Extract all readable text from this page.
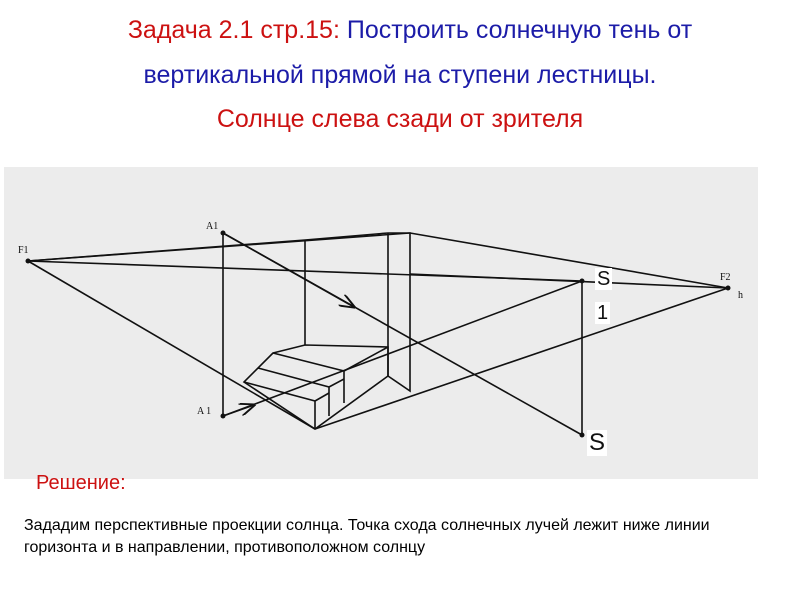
Задача 2.1 стр.15: Построить солнечную тень от
вертикальной прямой на ступени лестницы.
Солнце слева сзади от зрителя
F1
F2
h
A1
A 1
S
1
S
Решение:
Зададим перспективные проекции солнца. Точка схода солнечных лучей лежит ниже линии горизонта и в направлении, противоположном солнцу
